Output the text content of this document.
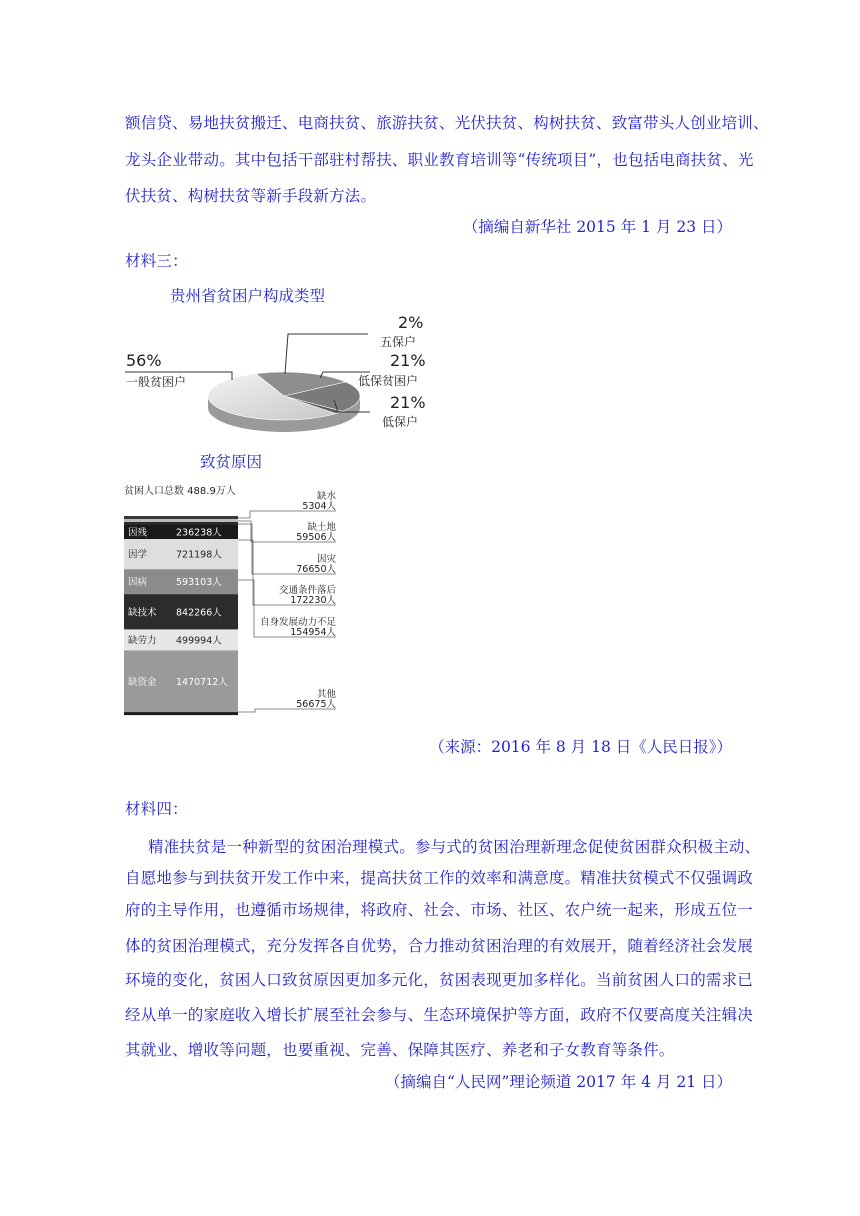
额信贷、易地扶贫搬迁、电商扶贫、旅游扶贫、光伏扶贫、构树扶贫、致富带头人创业培训、
龙头企业带动。其中包括干部驻村帮扶、职业教育培训等“传统项目”，也包括电商扶贫、光
伏扶贫、构树扶贫等新手段新方法。
（摘编自新华社 2015 年 1 月 23 日）
材料三：
贵州省贫困户构成类型
56%
一般贫困户
2%
五保户
21%
低保贫困户
21%
低保户
致贫原因
贫困人口总数 488.9万人
因残	236238人
因学	721198人
因病	593103人
缺技术 842266人
缺劳力 499994人
缺资金 1470712人
缺水
5304人
缺土地
59506人
因灾
76650人
交通条件落后
172230人
自身发展动力不足
154954人
其他
56675人
（来源：2016 年 8 月 18 日《人民日报》）
材料四：
精准扶贫是一种新型的贫困治理模式。参与式的贫困治理新理念促使贫困群众积极主动、
自愿地参与到扶贫开发工作中来，提高扶贫工作的效率和满意度。精准扶贫模式不仅强调政
府的主导作用，也遵循市场规律，将政府、社会、市场、社区、农户统一起来，形成五位一
体的贫困治理模式，充分发挥各自优势，合力推动贫困治理的有效展开，随着经济社会发展
环境的变化，贫困人口致贫原因更加多元化，贫困表现更加多样化。当前贫困人口的需求已
经从单一的家庭收入增长扩展至社会参与、生态环境保护等方面，政府不仅要高度关注辑决
其就业、增收等问题，也要重视、完善、保障其医疗、养老和子女教育等条件。
（摘编自“人民网”理论频道 2017 年 4 月 21 日）
